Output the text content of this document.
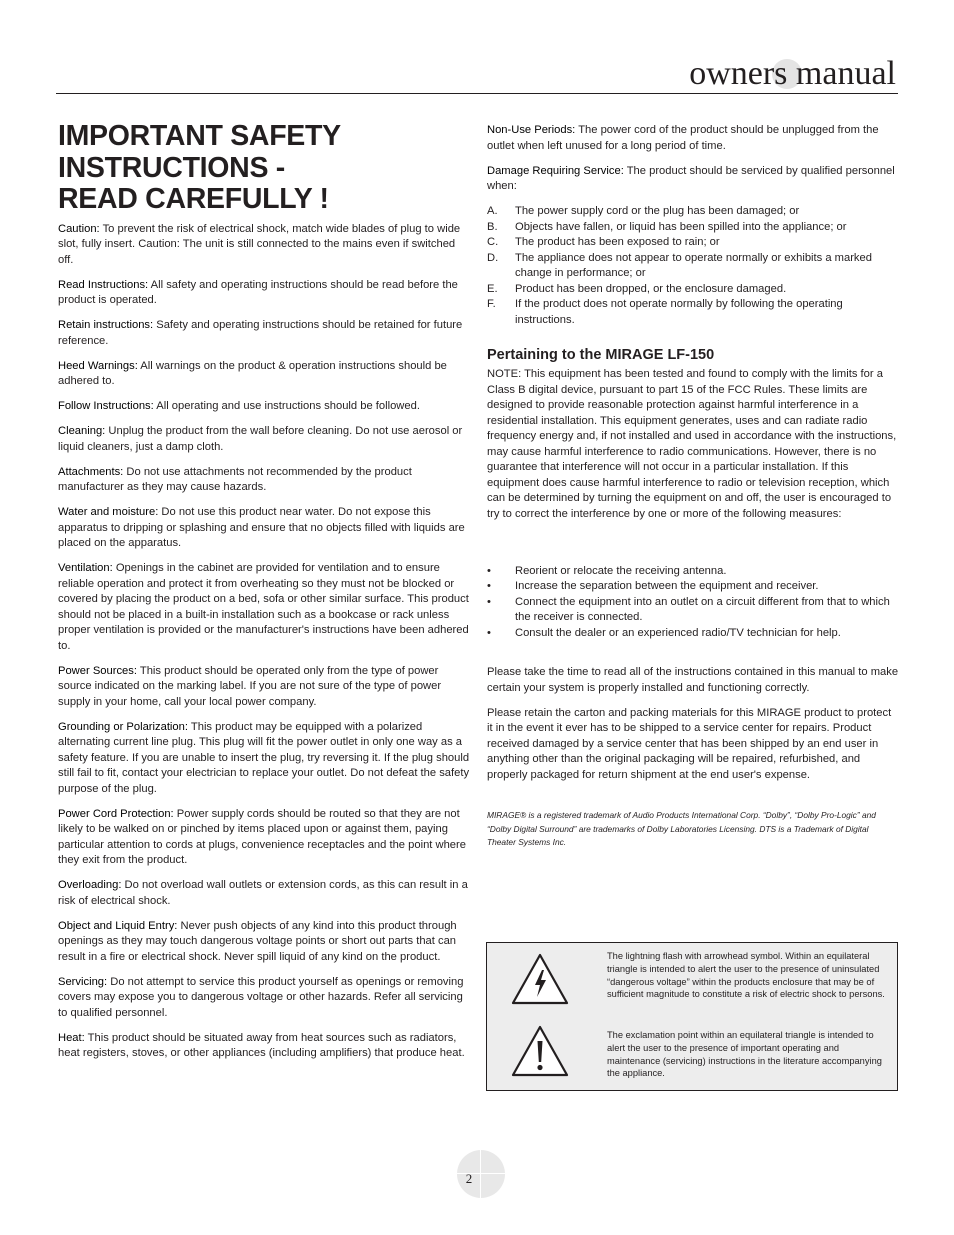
owners manual
IMPORTANT SAFETY
INSTRUCTIONS -
READ CAREFULLY !

Caution: To prevent the risk of electrical shock, match wide blades of plug to wide slot, fully insert. Caution: The unit is still connected to the mains even if switched off.

Read Instructions: All safety and operating instructions should be read before the product is operated.

Retain instructions: Safety and operating instructions should be retained for future reference.

Heed Warnings: All warnings on the product & operation instructions should be adhered to.

Follow Instructions: All operating and use instructions should be followed.

Cleaning: Unplug the product from the wall before cleaning. Do not use aerosol or liquid cleaners, just a damp cloth.

Attachments: Do not use attachments not recommended by the product manufacturer as they may cause hazards.

Water and moisture: Do not use this product near water. Do not expose this apparatus to dripping or splashing and ensure that no objects filled with liquids are placed on the apparatus.

Ventilation: Openings in the cabinet are provided for ventilation and to ensure reliable operation and protect it from overheating so they must not be blocked or covered by placing the product on a bed, sofa or other similar surface. This product should not be placed in a built-in installation such as a bookcase or rack unless proper ventilation is provided or the manufacturer's instructions have been adhered to.

Power Sources: This product should be operated only from the type of power source indicated on the marking label. If you are not sure of the type of power supply in your home, call your local power company.

Grounding or Polarization: This product may be equipped with a polarized alternating current line plug. This plug will fit the power outlet in only one way as a safety feature. If you are unable to insert the plug, try reversing it. If the plug should still fail to fit, contact your electrician to replace your outlet. Do not defeat the safety purpose of the plug.

Power Cord Protection: Power supply cords should be routed so that they are not likely to be walked on or pinched by items placed upon or against them, paying particular attention to cords at plugs, convenience receptacles and the point where they exit from the product.

Overloading: Do not overload wall outlets or extension cords, as this can result in a risk of electrical shock.

Object and Liquid Entry: Never push objects of any kind into this product through openings as they may touch dangerous voltage points or short out parts that can result in a fire or electrical shock. Never spill liquid of any kind on the product.

Servicing: Do not attempt to service this product yourself as openings or removing covers may expose you to dangerous voltage or other hazards. Refer all servicing to qualified personnel.

Heat: This product should be situated away from heat sources such as radiators, heat registers, stoves, or other appliances (including amplifiers) that produce heat.

Non-Use Periods: The power cord of the product should be unplugged from the outlet when left unused for a long period of time.

Damage Requiring Service: The product should be serviced by qualified personnel when:

A.	The power supply cord or the plug has been damaged; or
B.	Objects have fallen, or liquid has been spilled into the appliance; or
C.	The product has been exposed to rain; or
D.	The appliance does not appear to operate normally or exhibits a marked change in performance; or
E.	Product has been dropped, or the enclosure damaged.
F.	If the product does not operate normally by following the operating instructions.
Pertaining to the MIRAGE LF-150

NOTE: This equipment has been tested and found to comply with the limits for a Class B digital device, pursuant to part 15 of the FCC Rules. These limits are designed to provide reasonable protection against harmful interference in a residential installation. This equipment generates, uses and can radiate radio frequency energy and, if not installed and used in accordance with the instructions, may cause harmful interference to radio communications. However, there is no guarantee that interference will not occur in a particular installation. If this equipment does cause harmful interference to radio or television reception, which can be determined by turning the equipment on and off, the user is encouraged to try to correct the interference by one or more of the following measures:

•	Reorient or relocate the receiving antenna.
•	Increase the separation between the equipment and receiver.
•	Connect the equipment into an outlet on a circuit different from that to which the receiver is connected.
•	Consult the dealer or an experienced radio/TV technician for help.

Please take the time to read all of the instructions contained in this manual to make certain your system is properly installed and functioning correctly.

Please retain the carton and packing materials for this MIRAGE product to protect it in the event it ever has to be shipped to a service center for repairs. Product received damaged by a service center that has been shipped by an end user in anything other than the original packaging will be repaired, refurbished, and properly packaged for return shipment at the end user's expense.

MIRAGE® is a registered trademark of Audio Products International Corp. “Dolby”, “Dolby Pro-Logic” and “Dolby Digital Surround” are trademarks of Dolby Laboratories Licensing. DTS is a Trademark of Digital Theater Systems Inc.

The lightning flash with arrowhead symbol. Within an equilateral triangle is intended to alert the user to the presence of uninsulated “dangerous voltage” within the products enclosure that may be of sufficient magnitude to constitute a risk of electric shock to persons.
The exclamation point within an equilateral triangle is intended to alert the user to the presence of important operating and maintenance (servicing) instructions in the literature accompanying the appliance.
2
